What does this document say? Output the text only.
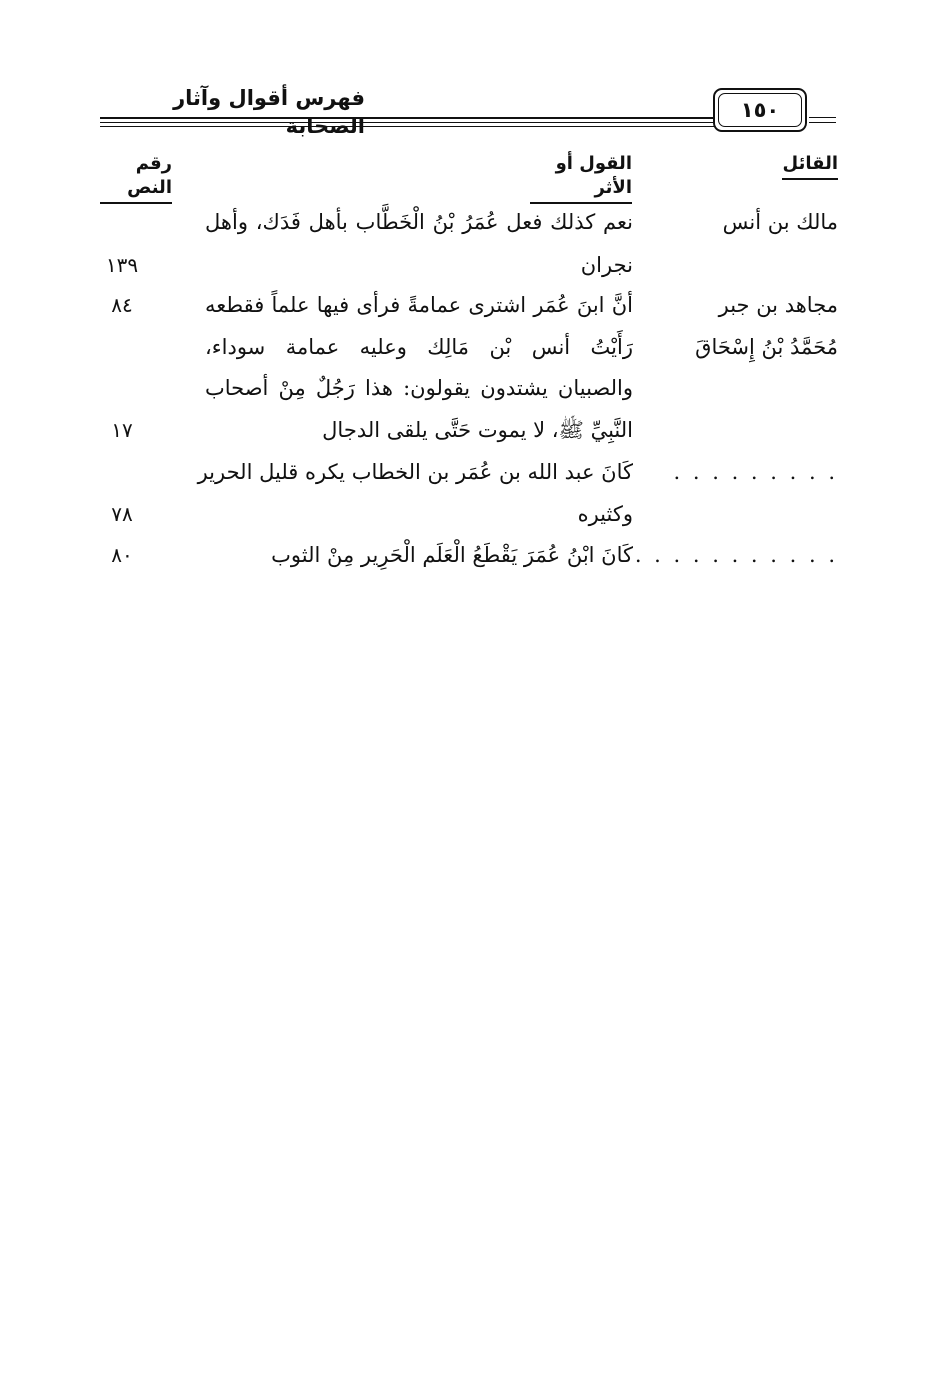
فهرس أقوال وآثار الصحابة
١٥٠
القائل
القول أو الأثر
رقم النص
مالك بن أنس
نعم كذلك فعل عُمَرُ بْنُ الْخَطَّاب بأهل فَدَك، وأهل
نجران
١٣٩
مجاهد بن جبر
أنَّ ابنَ عُمَر اشترى عمامةً فرأى فيها علماً فقطعه
٨٤
مُحَمَّدُ بْنُ إِسْحَاقَ
رَأَيْتُ أنس بْن مَالِك وعليه عمامة سوداء،
والصبيان يشتدون يقولون: هذا رَجُلٌ مِنْ أصحاب
النَّبِيِّ ﷺ، لا يموت حَتَّى يلقى الدجال
١٧
. . . . . . . . .
كَانَ عبد الله بن عُمَر بن الخطاب يكره قليل الحرير
وكثيره
٧٨
. . . . . . . . . . .
كَانَ ابْنُ عُمَرَ يَقْطَعُ الْعَلَم الْحَرِير مِنْ الثوب
٨٠
